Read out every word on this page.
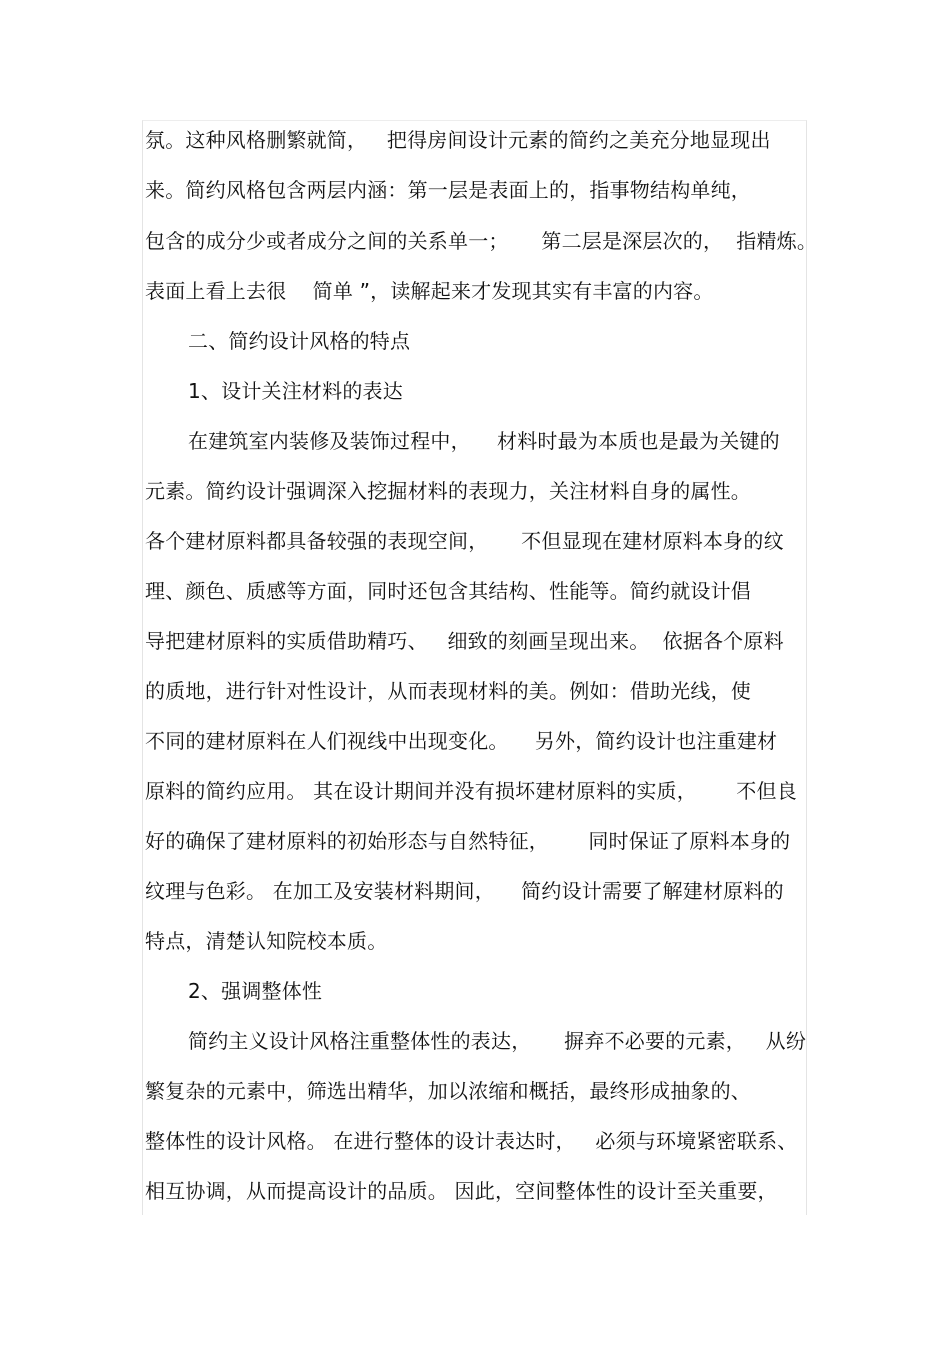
氛。这种风格删繁就简，   把得房间设计元素的简约之美充分地显现出
来。简约风格包含两层内涵：第一层是表面上的，指事物结构单纯，
包含的成分少或者成分之间的关系单一；     第二层是深层次的，  指精炼。
表面上看上去很    简单 ”，读解起来才发现其实有丰富的内容。
二、简约设计风格的特点
1、设计关注材料的表达
在建筑室内装修及装饰过程中，    材料时最为本质也是最为关键的
元素。简约设计强调深入挖掘材料的表现力，关注材料自身的属性。
各个建材原料都具备较强的表现空间，     不但显现在建材原料本身的纹
理、颜色、质感等方面，同时还包含其结构、性能等。简约就设计倡
导把建材原料的实质借助精巧、   细致的刻画呈现出来。  依据各个原料
的质地，进行针对性设计，从而表现材料的美。例如：借助光线，使
不同的建材原料在人们视线中出现变化。    另外，简约设计也注重建材
原料的简约应用。 其在设计期间并没有损坏建材原料的实质，      不但良
好的确保了建材原料的初始形态与自然特征，      同时保证了原料本身的
纹理与色彩。 在加工及安装材料期间，    简约设计需要了解建材原料的
特点，清楚认知院校本质。
2、强调整体性
简约主义设计风格注重整体性的表达，     摒弃不必要的元素，   从纷
繁复杂的元素中，筛选出精华，加以浓缩和概括，最终形成抽象的、
整体性的设计风格。 在进行整体的设计表达时，   必须与环境紧密联系、
相互协调，从而提高设计的品质。 因此，空间整体性的设计至关重要，
